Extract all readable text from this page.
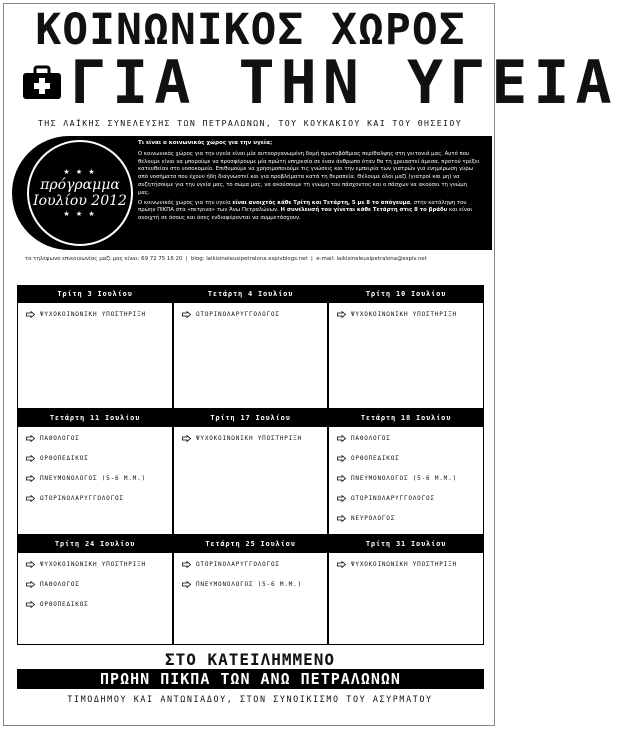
ΚΟΙΝΩΝΙΚΟΣ ΧΩΡΟΣ
ΓΙΑ ΤΗΝ ΥΓΕΙΑ
ΤΗΣ ΛΑΪΚΗΣ ΣΥΝΕΛΕΥΣΗΣ ΤΩΝ ΠΕΤΡΑΛΩΝΩΝ, ΤΟΥ ΚΟΥΚΑΚΙΟΥ ΚΑΙ ΤΟΥ ΘΗΣΕΙΟΥ
★ ★ ★
πρόγραμμα
Ιουλίου 2012
★ ★ ★
Τι είναι ο κοινωνικός χώρος για την υγεία;

Ο κοινωνικός χώρος για την υγεία είναι μία αυτοοργανωμένη δομή πρωτοβάθμιας περίθαλψης στη γειτονιά μας. Αυτό που θέλουμε είναι να μπορούμε να προσφέρουμε μία πρώτη υπηρεσία σε έναν άνθρωπο όταν θα τη χρειαστεί άμεσα, προτού τρέξει κατευθείαν στο νοσοκομείο. Επιθυμούμε να χρησιμοποιούμε τις γνώσεις και την εμπειρία των γιατρών για ενημέρωση γύρω από νοσήματα που έχουν ήδη διαγνωστεί και για προβλήματα κατά τη θεραπεία. Θέλουμε όλοι μαζί (γιατροί και μη) να συζητήσουμε για την υγεία μας, το σώμα μας, να ακούσουμε τη γνώμη του πάσχοντος και ο πάσχων να ακούσει τη γνώμη μας.

Ο κοινωνικός χώρος για την υγεία είναι ανοιχτός κάθε Τρίτη και Τετάρτη, 5 με 8 το απόγευμα, στην κατάληψη του πρώην ΠΙΚΠΑ στα «πετρινα» των Άνω Πετραλώνων. Η συνέλευσή του γίνεται κάθε Τετάρτη στις 8 το βράδυ και είναι ανοιχτή σε όσους και όσες ενδιαφέρονται να συμμετάσχουν.

το τηλέφωνο επικοινωνίας μαζί μας είναι: 69 72 75 16 20  |  blog: laikisineleusipetralona.espivblogs.net  |  e-mail: laikisineleusipetralona@espiv.net
Τρίτη 3 Ιουλίου
ΨΥΧΟΚΟΙΝΩΝΙΚΗ ΥΠΟΣΤΗΡΙΞΗ
Τετάρτη 4 Ιουλίου
ΩΤΟΡΙΝΟΛΑΡΥΓΓΟΛΟΓΟΣ
Τρίτη 10 Ιουλίου
ΨΥΧΟΚΟΙΝΩΝΙΚΗ ΥΠΟΣΤΗΡΙΞΗ
Τετάρτη 11 Ιουλίου
ΠΑΘΟΛΟΓΟΣ
ΟΡΘΟΠΕΔΙΚΟΣ
ΠΝΕΥΜΟΝΟΛΟΓΟΣ (5-6 Μ.Μ.)
ΩΤΟΡΙΝΟΛΑΡΥΓΓΟΛΟΓΟΣ
Τρίτη 17 Ιουλίου
ΨΥΧΟΚΟΙΝΩΝΙΚΗ ΥΠΟΣΤΗΡΙΞΗ
Τετάρτη 18 Ιουλίου
ΠΑΘΟΛΟΓΟΣ
ΟΡΘΟΠΕΔΙΚΟΣ
ΠΝΕΥΜΟΝΟΛΟΓΟΣ (5-6 Μ.Μ.)
ΩΤΟΡΙΝΟΛΑΡΥΓΓΟΛΟΓΟΣ
ΝΕΥΡΟΛΟΓΟΣ
Τρίτη 24 Ιουλίου
ΨΥΧΟΚΟΙΝΩΝΙΚΗ ΥΠΟΣΤΗΡΙΞΗ
ΠΑΘΟΛΟΓΟΣ
ΟΡΘΟΠΕΔΙΚΟΣ
Τετάρτη 25 Ιουλίου
ΩΤΟΡΙΝΟΛΑΡΥΓΓΟΛΟΓΟΣ
ΠΝΕΥΜΟΝΟΛΟΓΟΣ (5-6 Μ.Μ.)
Τρίτη 31 Ιουλίου
ΨΥΧΟΚΟΙΝΩΝΙΚΗ ΥΠΟΣΤΗΡΙΞΗ
ΣΤΟ ΚΑΤΕΙΛΗΜΜΕΝΟ
ΠΡΩΗΝ ΠΙΚΠΑ ΤΩΝ ΑΝΩ ΠΕΤΡΑΛΩΝΩΝ
ΤΙΜΟΔΗΜΟΥ ΚΑΙ ΑΝΤΩΝΙΑΔΟΥ, ΣΤΟΝ ΣΥΝΟΙΚΙΣΜΟ ΤΟΥ ΑΣΥΡΜΑΤΟΥ
